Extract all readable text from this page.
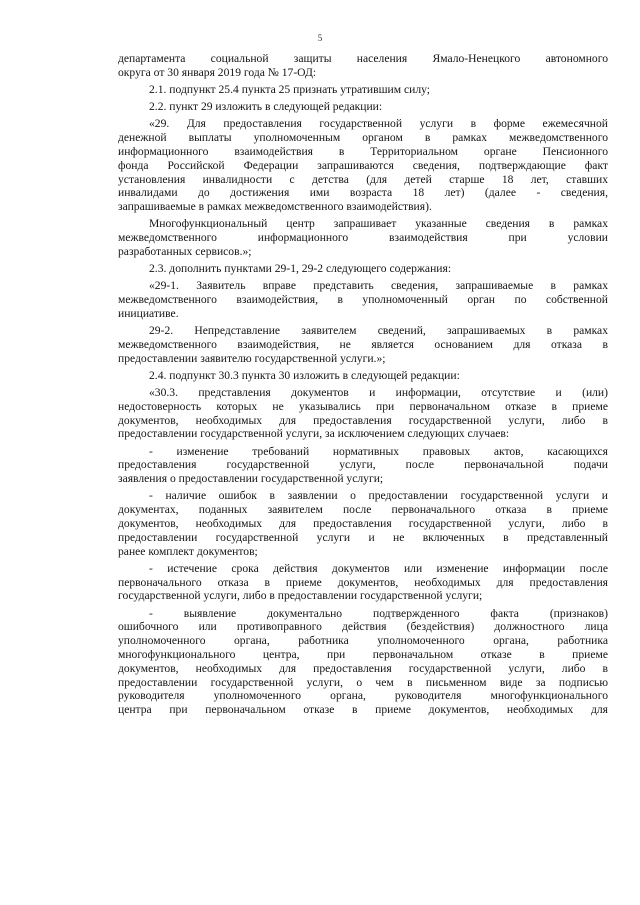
5
департамента социальной защиты населения Ямало-Ненецкого автономного
округа от 30 января 2019 года № 17-ОД:
2.1. подпункт 25.4 пункта 25 признать утратившим силу;
2.2. пункт 29 изложить в следующей редакции:
«29. Для предоставления государственной услуги в форме ежемесячной
денежной выплаты уполномоченным органом в рамках межведомственного
информационного взаимодействия в Территориальном органе Пенсионного
фонда Российской Федерации запрашиваются сведения, подтверждающие факт
установления инвалидности с детства (для детей старше 18 лет, ставших
инвалидами до достижения ими возраста 18 лет) (далее - сведения,
запрашиваемые в рамках межведомственного взаимодействия).
Многофункциональный центр запрашивает указанные сведения в рамках
межведомственного информационного взаимодействия при условии
разработанных сервисов.»;
2.3. дополнить пунктами 29-1, 29-2 следующего содержания:
«29-1. Заявитель вправе представить сведения, запрашиваемые в рамках
межведомственного взаимодействия, в уполномоченный орган по собственной
инициативе.
29-2. Непредставление заявителем сведений, запрашиваемых в рамках
межведомственного взаимодействия, не является основанием для отказа в
предоставлении заявителю государственной услуги.»;
2.4. подпункт 30.3 пункта 30 изложить в следующей редакции:
«30.3. представления документов и информации, отсутствие и (или)
недостоверность которых не указывались при первоначальном отказе в приеме
документов, необходимых для предоставления государственной услуги, либо в
предоставлении государственной услуги, за исключением следующих случаев:
- изменение требований нормативных правовых актов, касающихся
предоставления государственной услуги, после первоначальной подачи
заявления о предоставлении государственной услуги;
- наличие ошибок в заявлении о предоставлении государственной услуги и
документах, поданных заявителем после первоначального отказа в приеме
документов, необходимых для предоставления государственной услуги, либо в
предоставлении государственной услуги и не включенных в представленный
ранее комплект документов;
- истечение срока действия документов или изменение информации после
первоначального отказа в приеме документов, необходимых для предоставления
государственной услуги, либо в предоставлении государственной услуги;
- выявление документально подтвержденного факта (признаков)
ошибочного или противоправного действия (бездействия) должностного лица
уполномоченного органа, работника уполномоченного органа, работника
многофункционального центра, при первоначальном отказе в приеме
документов, необходимых для предоставления государственной услуги, либо в
предоставлении государственной услуги, о чем в письменном виде за подписью
руководителя уполномоченного органа, руководителя многофункционального
центра при первоначальном отказе в приеме документов, необходимых для
